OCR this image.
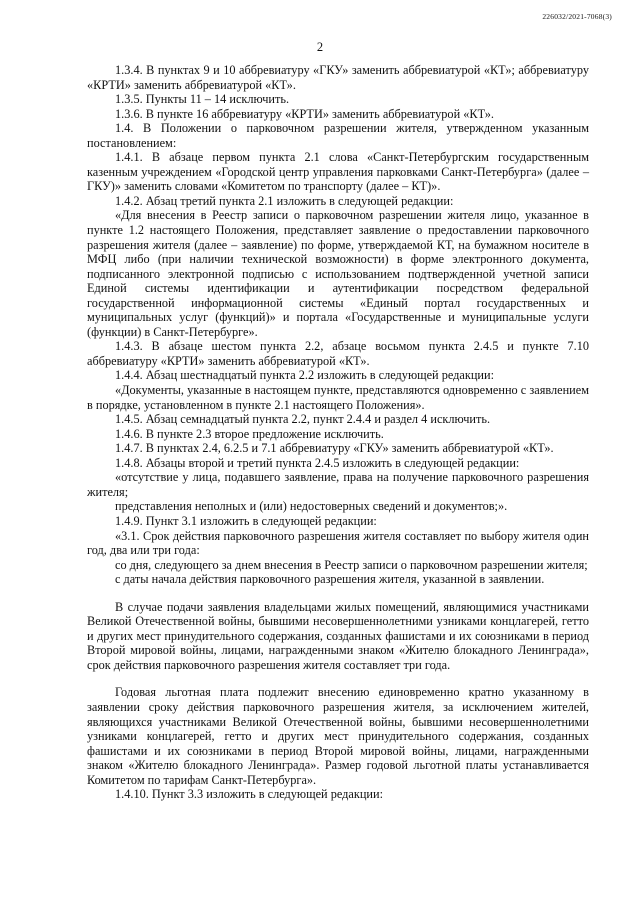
226032/2021-7068(3)
2

1.3.4. В пунктах 9 и 10 аббревиатуру «ГКУ» заменить аббревиатурой «КТ»; аббревиатуру «КРТИ» заменить аббревиатурой «КТ».

1.3.5. Пункты 11 – 14 исключить.

1.3.6. В пункте 16 аббревиатуру «КРТИ» заменить аббревиатурой «КТ».

1.4. В Положении о парковочном разрешении жителя, утвержденном указанным постановлением:

1.4.1. В абзаце первом пункта 2.1 слова «Санкт-Петербургским государственным казенным учреждением «Городской центр управления парковками Санкт-Петербурга» (далее – ГКУ)» заменить словами «Комитетом по транспорту (далее – КТ)».

1.4.2. Абзац третий пункта 2.1 изложить в следующей редакции:

«Для внесения в Реестр записи о парковочном разрешении жителя лицо, указанное в пункте 1.2 настоящего Положения, представляет заявление о предоставлении парковочного разрешения жителя (далее – заявление) по форме, утверждаемой КТ, на бумажном носителе в МФЦ либо (при наличии технической возможности) в форме электронного документа, подписанного электронной подписью с использованием подтвержденной учетной записи Единой системы идентификации и аутентификации посредством федеральной государственной информационной системы «Единый портал государственных и муниципальных услуг (функций)» и портала «Государственные и муниципальные услуги (функции) в Санкт-Петербурге».

1.4.3. В абзаце шестом пункта 2.2, абзаце восьмом пункта 2.4.5 и пункте 7.10 аббревиатуру «КРТИ» заменить аббревиатурой «КТ».

1.4.4. Абзац шестнадцатый пункта 2.2 изложить в следующей редакции:

«Документы, указанные в настоящем пункте, представляются одновременно с заявлением в порядке, установленном в пункте 2.1 настоящего Положения».

1.4.5. Абзац семнадцатый пункта 2.2, пункт 2.4.4 и раздел 4 исключить.

1.4.6. В пункте 2.3 второе предложение исключить.

1.4.7. В пунктах 2.4, 6.2.5 и 7.1 аббревиатуру «ГКУ» заменить аббревиатурой «КТ».

1.4.8. Абзацы второй и третий пункта 2.4.5 изложить в следующей редакции:

«отсутствие у лица, подавшего заявление, права на получение парковочного разрешения жителя;

представления неполных и (или) недостоверных сведений и документов;».

1.4.9. Пункт 3.1 изложить в следующей редакции:

«3.1. Срок действия парковочного разрешения жителя составляет по выбору жителя один год, два или три года:

со дня, следующего за днем внесения в Реестр записи о парковочном разрешении жителя;

с даты начала действия парковочного разрешения жителя, указанной в заявлении.

В случае подачи заявления владельцами жилых помещений, являющимися участниками Великой Отечественной войны, бывшими несовершеннолетними узниками концлагерей, гетто и других мест принудительного содержания, созданных фашистами и их союзниками в период Второй мировой войны, лицами, награжденными знаком «Жителю блокадного Ленинграда», срок действия парковочного разрешения жителя составляет три года.

Годовая льготная плата подлежит внесению единовременно кратно указанному в заявлении сроку действия парковочного разрешения жителя, за исключением жителей, являющихся участниками Великой Отечественной войны, бывшими несовершеннолетними узниками концлагерей, гетто и других мест принудительного содержания, созданных фашистами и их союзниками в период Второй мировой войны, лицами, награжденными знаком «Жителю блокадного Ленинграда». Размер годовой льготной платы устанавливается Комитетом по тарифам Санкт-Петербурга».

1.4.10. Пункт 3.3 изложить в следующей редакции:
